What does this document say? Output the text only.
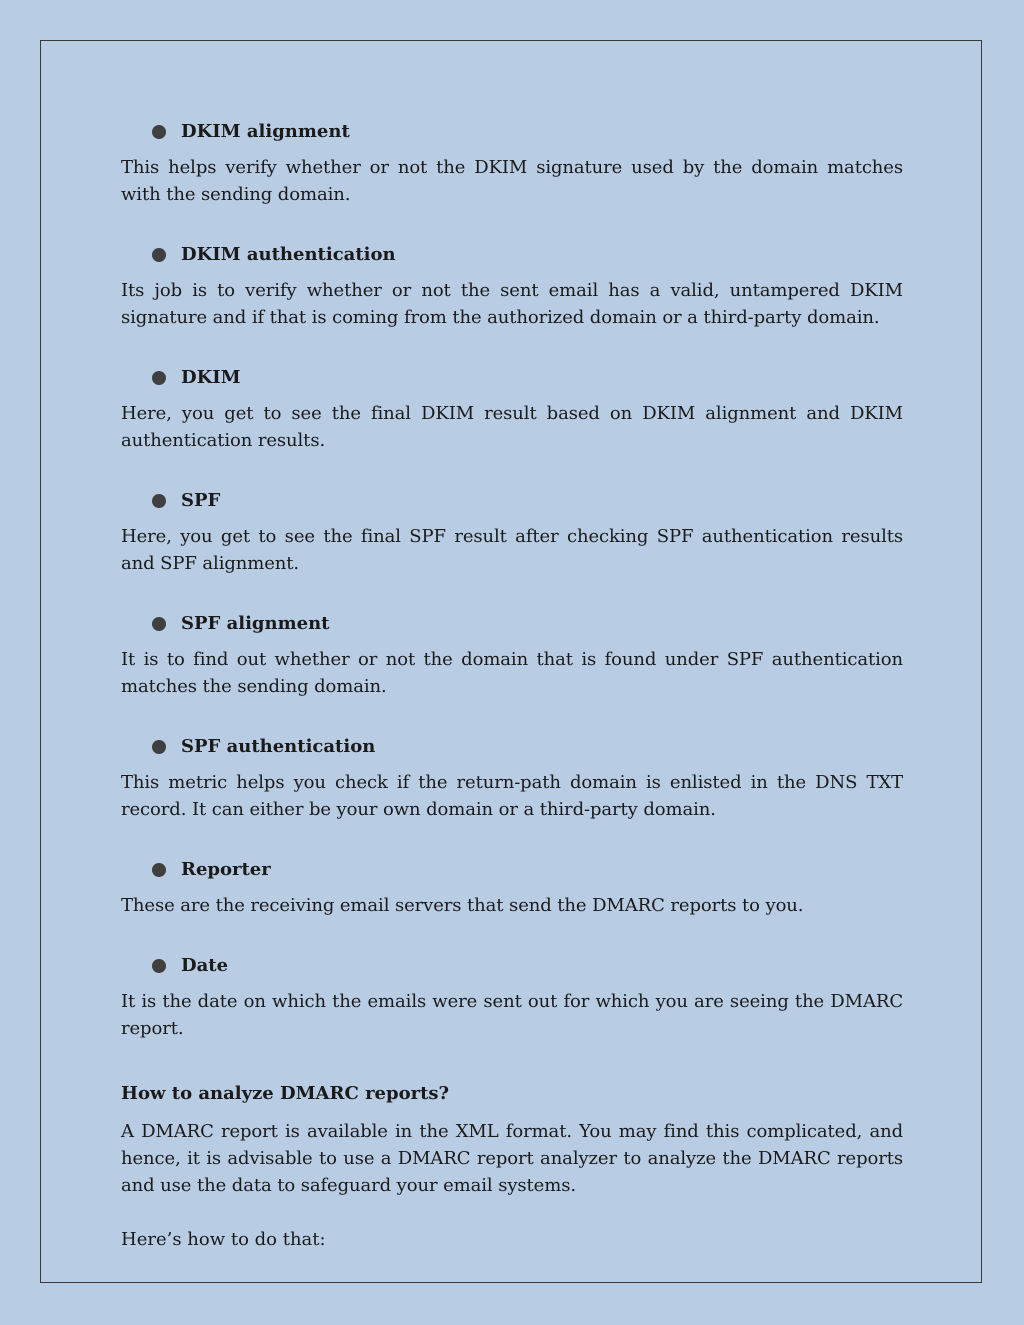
DKIM alignment

This helps verify whether or not the DKIM signature used by the domain matches with the sending domain.

DKIM authentication

Its job is to verify whether or not the sent email has a valid, untampered DKIM signature and if that is coming from the authorized domain or a third-party domain.

DKIM

Here, you get to see the final DKIM result based on DKIM alignment and DKIM authentication results.

SPF

Here, you get to see the final SPF result after checking SPF authentication results and SPF alignment.

SPF alignment

It is to find out whether or not the domain that is found under SPF authentication matches the sending domain.

SPF authentication

This metric helps you check if the return-path domain is enlisted in the DNS TXT record. It can either be your own domain or a third-party domain.

Reporter

These are the receiving email servers that send the DMARC reports to you.

Date

It is the date on which the emails were sent out for which you are seeing the DMARC report.

How to analyze DMARC reports?

A DMARC report is available in the XML format. You may find this complicated, and hence, it is advisable to use a DMARC report analyzer to analyze the DMARC reports and use the data to safeguard your email systems.

Here’s how to do that:
